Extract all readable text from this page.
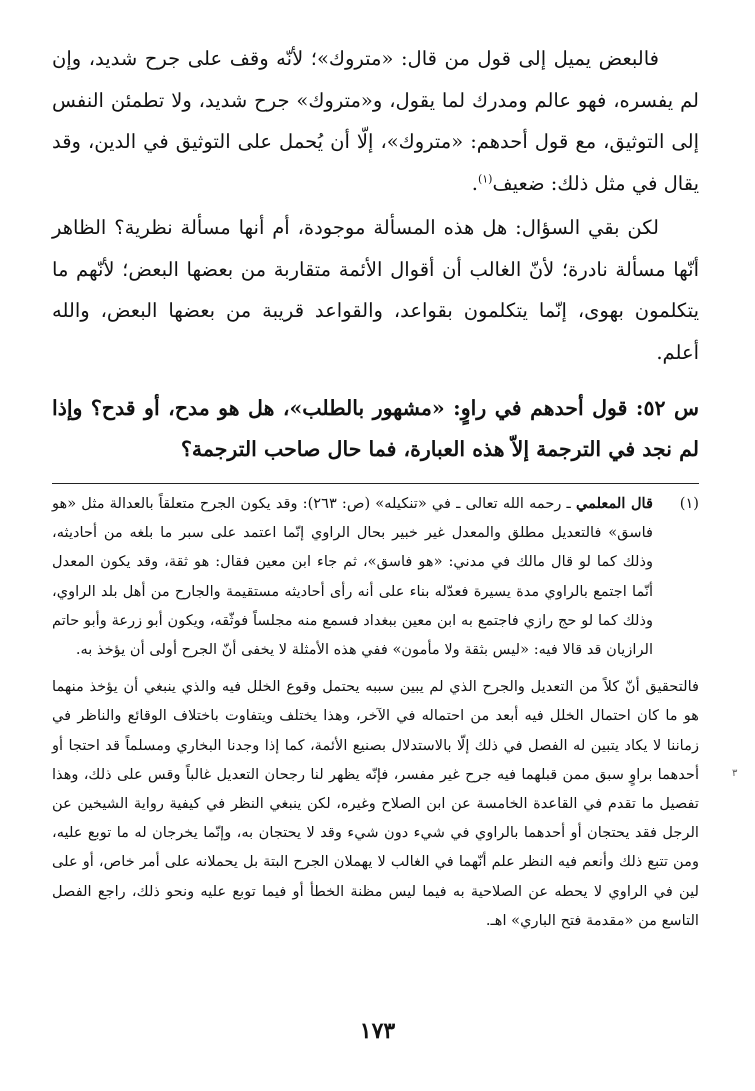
فالبعض يميل إلى قول من قال: «متروك»؛ لأنّه وقف على جرح شديد، وإن لم يفسره، فهو عالم ومدرك لما يقول، و«متروك» جرح شديد، ولا تطمئن النفس إلى التوثيق، مع قول أحدهم: «متروك»، إلّا أن يُحمل على التوثيق في الدين، وقد يقال في مثل ذلك: ضعيف$^{(١)}$.

لكن بقي السؤال: هل هذه المسألة موجودة، أم أنها مسألة نظرية؟ الظاهر أنّها مسألة نادرة؛ لأنّ الغالب أن أقوال الأئمة متقاربة من بعضها البعض؛ لأنّهم ما يتكلمون بهوى، إنّما يتكلمون بقواعد، والقواعد قريبة من بعضها البعض، والله أعلم.

س ٥٢: قول أحدهم في راوٍ: «مشهور بالطلب»، هل هو مدح، أو قدح؟ وإذا لم نجد في الترجمة إلاّ هذه العبارة، فما حال صاحب الترجمة؟

(١)
قال المعلمي ـ رحمه الله تعالى ـ في «تنكيله» (ص: ٢٦٣): وقد يكون الجرح متعلقاً بالعدالة مثل «هو فاسق» فالتعديل مطلق والمعدل غير خبير بحال الراوي إنّما اعتمد على سبر ما بلغه من أحاديثه، وذلك كما لو قال مالك في مدني: «هو فاسق»، ثم جاء ابن معين فقال: هو ثقة، وقد يكون المعدل أنّما اجتمع بالراوي مدة يسيرة فعدّله بناء على أنه رأى أحاديثه مستقيمة والجارح من أهل بلد الراوي، وذلك كما لو حج رازي فاجتمع به ابن معين ببغداد فسمع منه مجلساً فوثّقه، ويكون أبو زرعة وأبو حاتم الرازيان قد قالا فيه: «ليس بثقة ولا مأمون» ففي هذه الأمثلة لا يخفى أنّ الجرح أولى أن يؤخذ به.

فالتحقيق أنّ كلاً من التعديل والجرح الذي لم يبين سببه يحتمل وقوع الخلل فيه والذي ينبغي أن يؤخذ منهما هو ما كان احتمال الخلل فيه أبعد من احتماله في الآخر، وهذا يختلف ويتفاوت باختلاف الوقائع والناظر في زماننا لا يكاد يتبين له الفصل في ذلك إلّا بالاستدلال بصنيع الأئمة، كما إذا وجدنا البخاري ومسلماً قد احتجا أو أحدهما براوٍ سبق ممن قبلهما فيه جرح غير مفسر، فإنّه يظهر لنا رجحان التعديل غالباً وقس على ذلك، وهذا تفصيل ما تقدم في القاعدة الخامسة عن ابن الصلاح وغيره، لكن ينبغي النظر في كيفية رواية الشيخين عن الرجل فقد يحتجان أو أحدهما بالراوي في شيء دون شيء وقد لا يحتجان به، وإنّما يخرجان له ما توبع عليه، ومن تتبع ذلك وأنعم فيه النظر علم أنّهما في الغالب لا يهملان الجرح البتة بل يحملانه على أمر خاص، أو على لين في الراوي لا يحطه عن الصلاحية به فيما ليس مظنة الخطأ أو فيما توبع عليه ونحو ذلك، راجع الفصل التاسع من «مقدمة فتح الباري» اهـ.

٣
١٧٣
